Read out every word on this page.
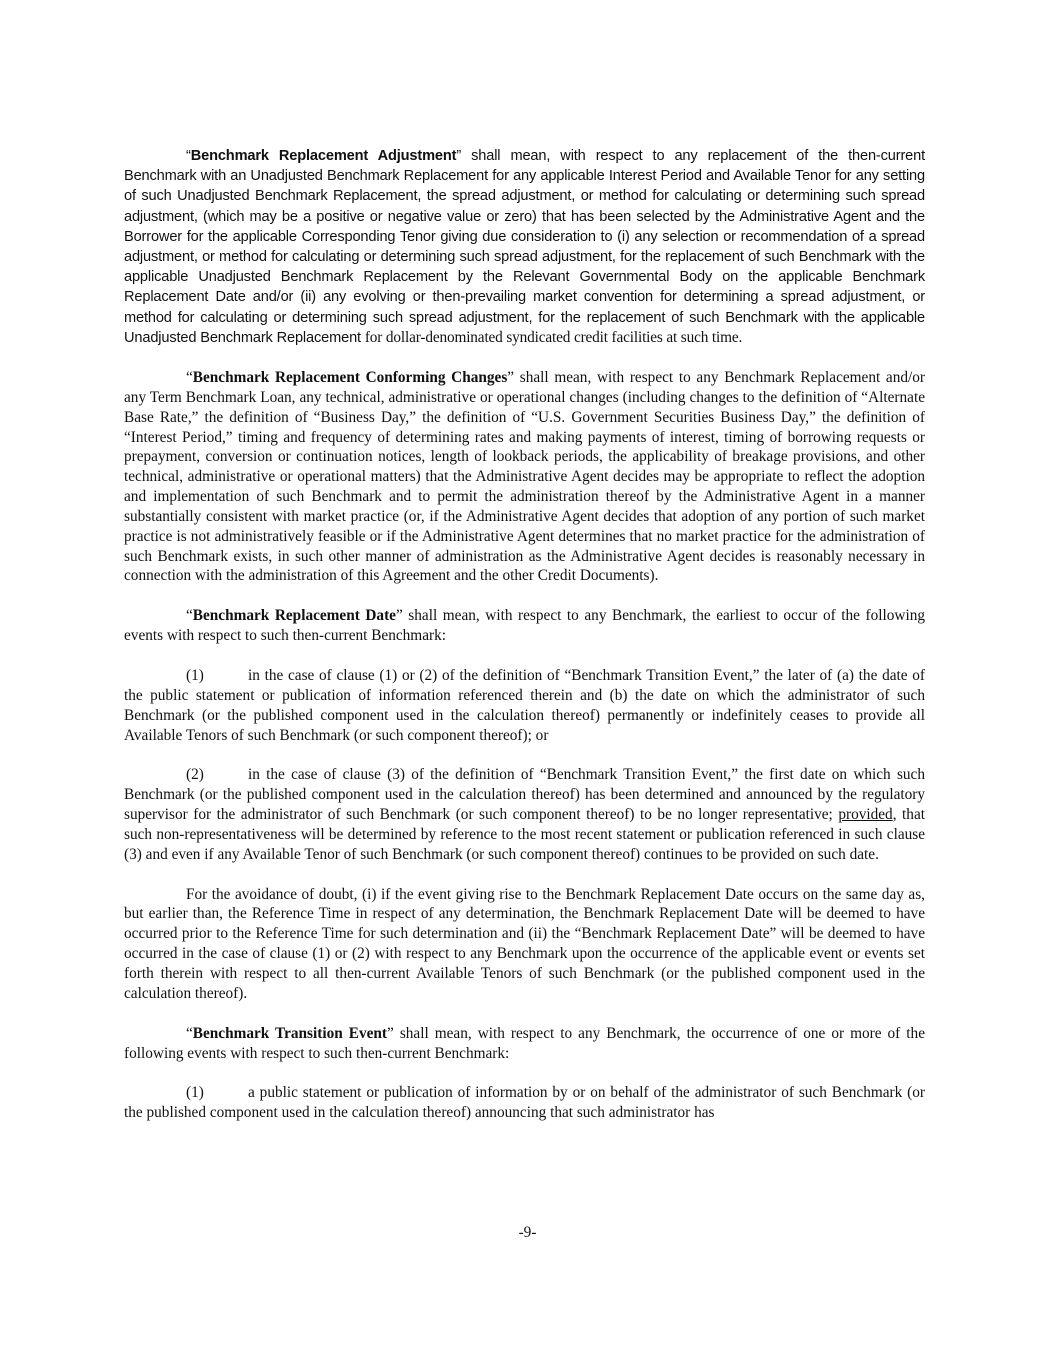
“Benchmark Replacement Adjustment” shall mean, with respect to any replacement of the then-current Benchmark with an Unadjusted Benchmark Replacement for any applicable Interest Period and Available Tenor for any setting of such Unadjusted Benchmark Replacement, the spread adjustment, or method for calculating or determining such spread adjustment, (which may be a positive or negative value or zero) that has been selected by the Administrative Agent and the Borrower for the applicable Corresponding Tenor giving due consideration to (i) any selection or recommendation of a spread adjustment, or method for calculating or determining such spread adjustment, for the replacement of such Benchmark with the applicable Unadjusted Benchmark Replacement by the Relevant Governmental Body on the applicable Benchmark Replacement Date and/or (ii) any evolving or then-prevailing market convention for determining a spread adjustment, or method for calculating or determining such spread adjustment, for the replacement of such Benchmark with the applicable Unadjusted Benchmark Replacement for dollar-denominated syndicated credit facilities at such time.

“Benchmark Replacement Conforming Changes” shall mean, with respect to any Benchmark Replacement and/or any Term Benchmark Loan, any technical, administrative or operational changes (including changes to the definition of “Alternate Base Rate,” the definition of “Business Day,” the definition of “U.S. Government Securities Business Day,” the definition of “Interest Period,” timing and frequency of determining rates and making payments of interest, timing of borrowing requests or prepayment, conversion or continuation notices, length of lookback periods, the applicability of breakage provisions, and other technical, administrative or operational matters) that the Administrative Agent decides may be appropriate to reflect the adoption and implementation of such Benchmark and to permit the administration thereof by the Administrative Agent in a manner substantially consistent with market practice (or, if the Administrative Agent decides that adoption of any portion of such market practice is not administratively feasible or if the Administrative Agent determines that no market practice for the administration of such Benchmark exists, in such other manner of administration as the Administrative Agent decides is reasonably necessary in connection with the administration of this Agreement and the other Credit Documents).

“Benchmark Replacement Date” shall mean, with respect to any Benchmark, the earliest to occur of the following events with respect to such then-current Benchmark:

(1)	in the case of clause (1) or (2) of the definition of “Benchmark Transition Event,” the later of (a) the date of the public statement or publication of information referenced therein and (b) the date on which the administrator of such Benchmark (or the published component used in the calculation thereof) permanently or indefinitely ceases to provide all Available Tenors of such Benchmark (or such component thereof); or

(2)	in the case of clause (3) of the definition of “Benchmark Transition Event,” the first date on which such Benchmark (or the published component used in the calculation thereof) has been determined and announced by the regulatory supervisor for the administrator of such Benchmark (or such component thereof) to be no longer representative; provided, that such non-representativeness will be determined by reference to the most recent statement or publication referenced in such clause (3) and even if any Available Tenor of such Benchmark (or such component thereof) continues to be provided on such date.

For the avoidance of doubt, (i) if the event giving rise to the Benchmark Replacement Date occurs on the same day as, but earlier than, the Reference Time in respect of any determination, the Benchmark Replacement Date will be deemed to have occurred prior to the Reference Time for such determination and (ii) the “Benchmark Replacement Date” will be deemed to have occurred in the case of clause (1) or (2) with respect to any Benchmark upon the occurrence of the applicable event or events set forth therein with respect to all then-current Available Tenors of such Benchmark (or the published component used in the calculation thereof).

“Benchmark Transition Event” shall mean, with respect to any Benchmark, the occurrence of one or more of the following events with respect to such then-current Benchmark:

(1)	a public statement or publication of information by or on behalf of the administrator of such Benchmark (or the published component used in the calculation thereof) announcing that such administrator has

-9-
